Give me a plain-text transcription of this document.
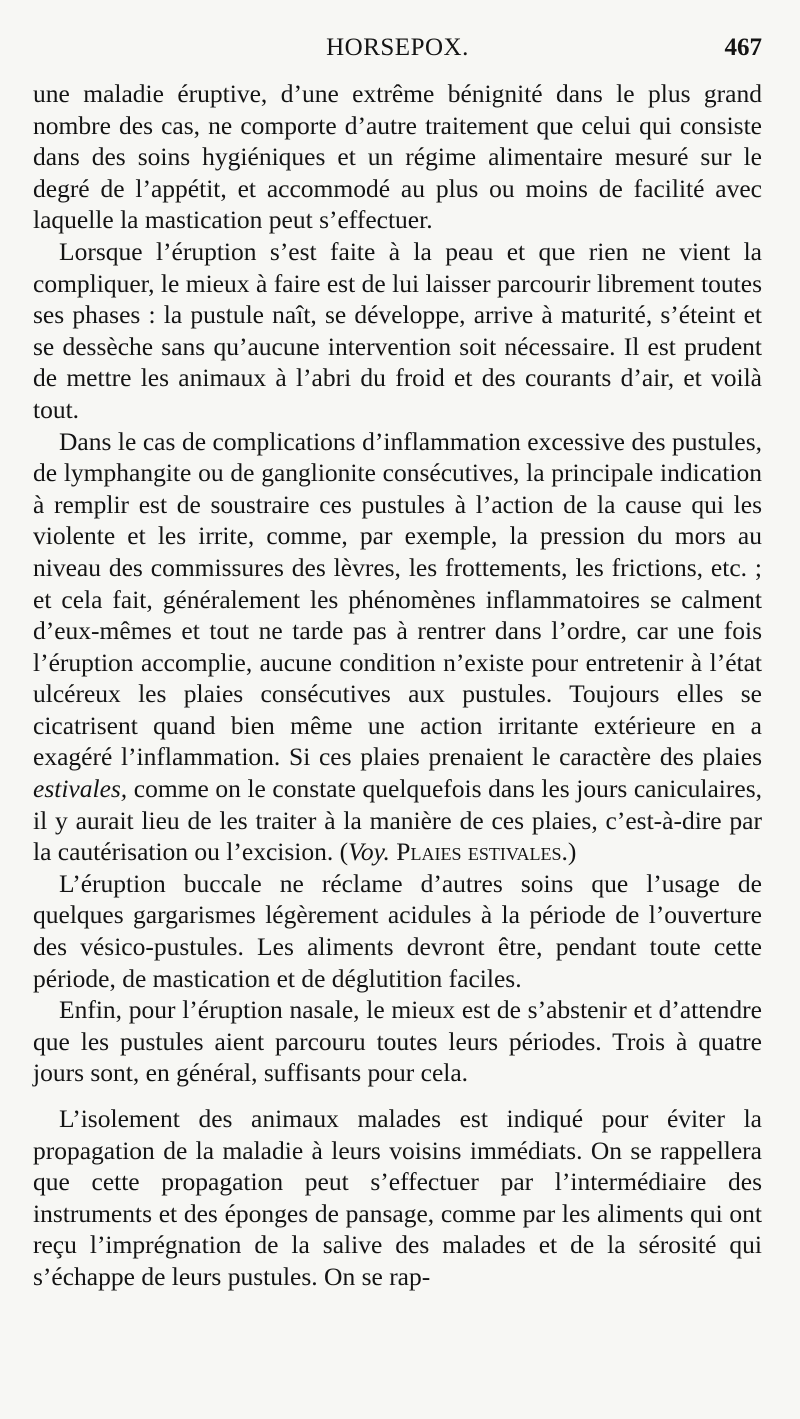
HORSEPOX.	467

une maladie éruptive, d’une extrême bénignité dans le plus grand nombre des cas, ne comporte d’autre traitement que celui qui consiste dans des soins hygiéniques et un régime alimentaire mesuré sur le degré de l’appétit, et accommodé au plus ou moins de facilité avec laquelle la mastication peut s’effectuer.

Lorsque l’éruption s’est faite à la peau et que rien ne vient la compliquer, le mieux à faire est de lui laisser parcourir librement toutes ses phases : la pustule naît, se développe, arrive à maturité, s’éteint et se dessèche sans qu’aucune intervention soit nécessaire. Il est prudent de mettre les animaux à l’abri du froid et des courants d’air, et voilà tout.

Dans le cas de complications d’inflammation excessive des pustules, de lymphangite ou de ganglionite consécutives, la principale indication à remplir est de soustraire ces pustules à l’action de la cause qui les violente et les irrite, comme, par exemple, la pression du mors au niveau des commissures des lèvres, les frottements, les frictions, etc. ; et cela fait, généralement les phénomènes inflammatoires se calment d’eux-mêmes et tout ne tarde pas à rentrer dans l’ordre, car une fois l’éruption accomplie, aucune condition n’existe pour entretenir à l’état ulcéreux les plaies consécutives aux pustules. Toujours elles se cicatrisent quand bien même une action irritante extérieure en a exagéré l’inflammation. Si ces plaies prenaient le caractère des plaies estivales, comme on le constate quelquefois dans les jours caniculaires, il y aurait lieu de les traiter à la manière de ces plaies, c’est-à-dire par la cautérisation ou l’excision. (Voy. Plaies estivales.)

L’éruption buccale ne réclame d’autres soins que l’usage de quelques gargarismes légèrement acidules à la période de l’ouverture des vésico-pustules. Les aliments devront être, pendant toute cette période, de mastication et de déglutition faciles.

Enfin, pour l’éruption nasale, le mieux est de s’abstenir et d’attendre que les pustules aient parcouru toutes leurs périodes. Trois à quatre jours sont, en général, suffisants pour cela.

L’isolement des animaux malades est indiqué pour éviter la propagation de la maladie à leurs voisins immédiats. On se rappellera que cette propagation peut s’effectuer par l’intermédiaire des instruments et des éponges de pansage, comme par les aliments qui ont reçu l’imprégnation de la salive des malades et de la sérosité qui s’échappe de leurs pustules. On se rap-
